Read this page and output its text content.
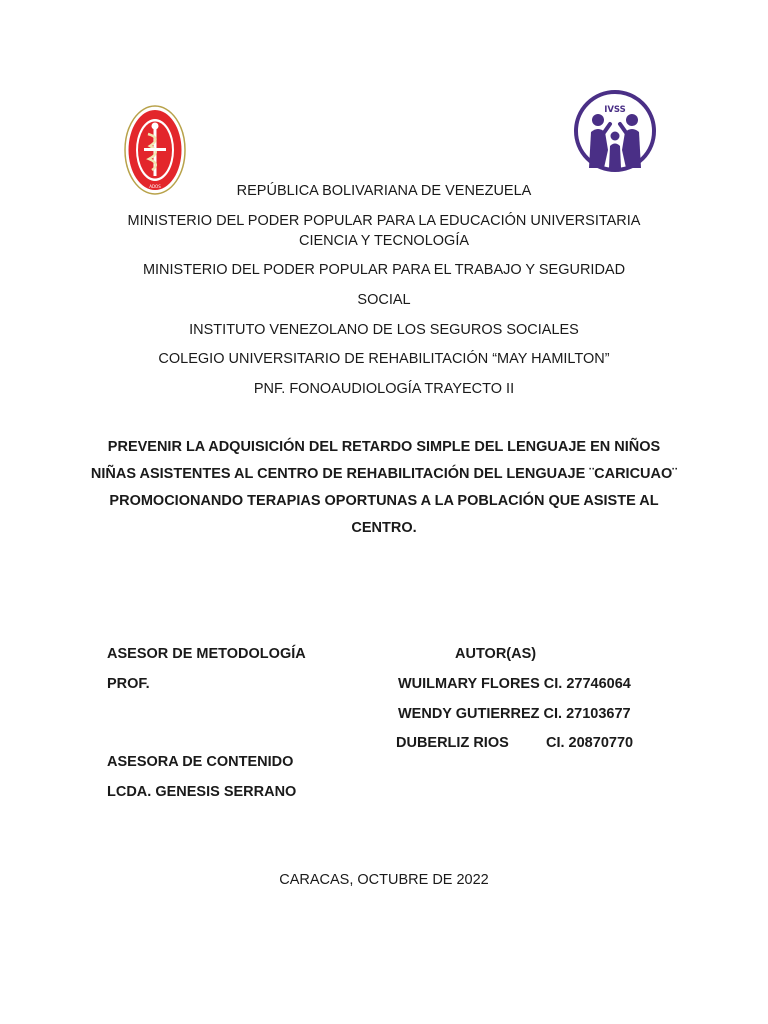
ADOS
IVSS
REPÚBLICA BOLIVARIANA DE VENEZUELA
MINISTERIO DEL PODER POPULAR PARA LA EDUCACIÓN UNIVERSITARIA
CIENCIA Y TECNOLOGÍA
MINISTERIO DEL PODER POPULAR PARA EL TRABAJO Y SEGURIDAD
SOCIAL
INSTITUTO VENEZOLANO DE LOS SEGUROS SOCIALES
COLEGIO UNIVERSITARIO DE REHABILITACIÓN “MAY HAMILTON”
PNF. FONOAUDIOLOGÍA TRAYECTO II
PREVENIR LA ADQUISICIÓN DEL RETARDO SIMPLE DEL LENGUAJE EN NIÑOS NIÑAS ASISTENTES AL CENTRO DE REHABILITACIÓN DEL LENGUAJE ¨CARICUAO¨ PROMOCIONANDO TERAPIAS OPORTUNAS A LA POBLACIÓN QUE ASISTE AL CENTRO.
ASESOR DE METODOLOGÍA
PROF.
ASESORA DE CONTENIDO
LCDA. GENESIS SERRANO
AUTOR(AS)
WUILMARY FLORES CI. 27746064
WENDY GUTIERREZ CI. 27103677
DUBERLIZ RIOS	CI. 20870770
CARACAS, OCTUBRE DE 2022
